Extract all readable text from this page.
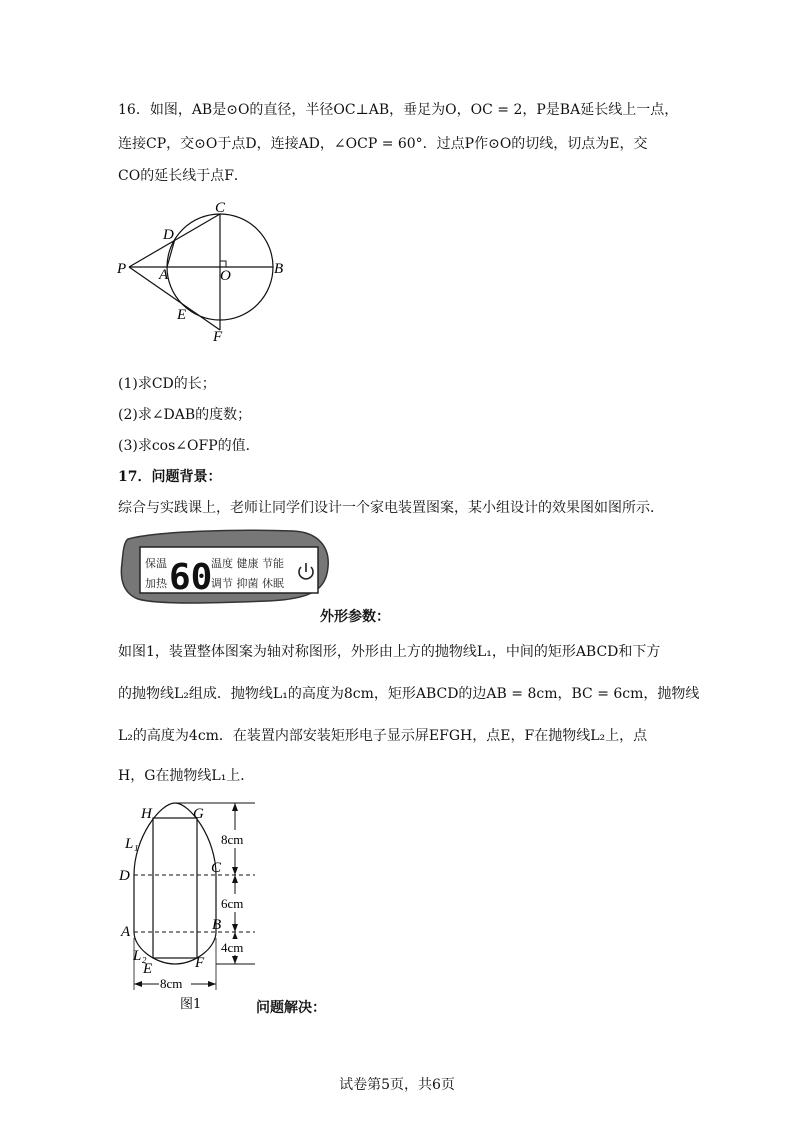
16．如图，AB是⊙O的直径，半径OC⊥AB，垂足为O，OC = 2，P是BA延长线上一点，
连接CP，交⊙O于点D，连接AD，∠OCP = 60°．过点P作⊙O的切线，切点为E，交
CO的延长线于点F．
C
D
P A	O	B
E
F
(1)求CD的长；
(2)求∠DAB的度数；
(3)求cos∠OFP的值．
17．问题背景：
综合与实践课上，老师让同学们设计一个家电装置图案，某小组设计的效果图如图所示．
保温
加热 60
温度 健康 节能
调节 抑菌 休眠
外形参数：
如图1，装置整体图案为轴对称图形，外形由上方的抛物线L₁，中间的矩形ABCD和下方
的抛物线L₂组成．抛物线L₁的高度为8cm，矩形ABCD的边AB = 8cm，BC = 6cm，抛物线
L₂的高度为4cm．在装置内部安装矩形电子显示屏EFGH，点E，F在抛物线L₂上，点
H，G在抛物线L₁上．
8cm
6cm
4cm
8cm
H	G
L₁
D	C
A	B
L₂
E	F
图1	问题解决：
试卷第5页，共6页
